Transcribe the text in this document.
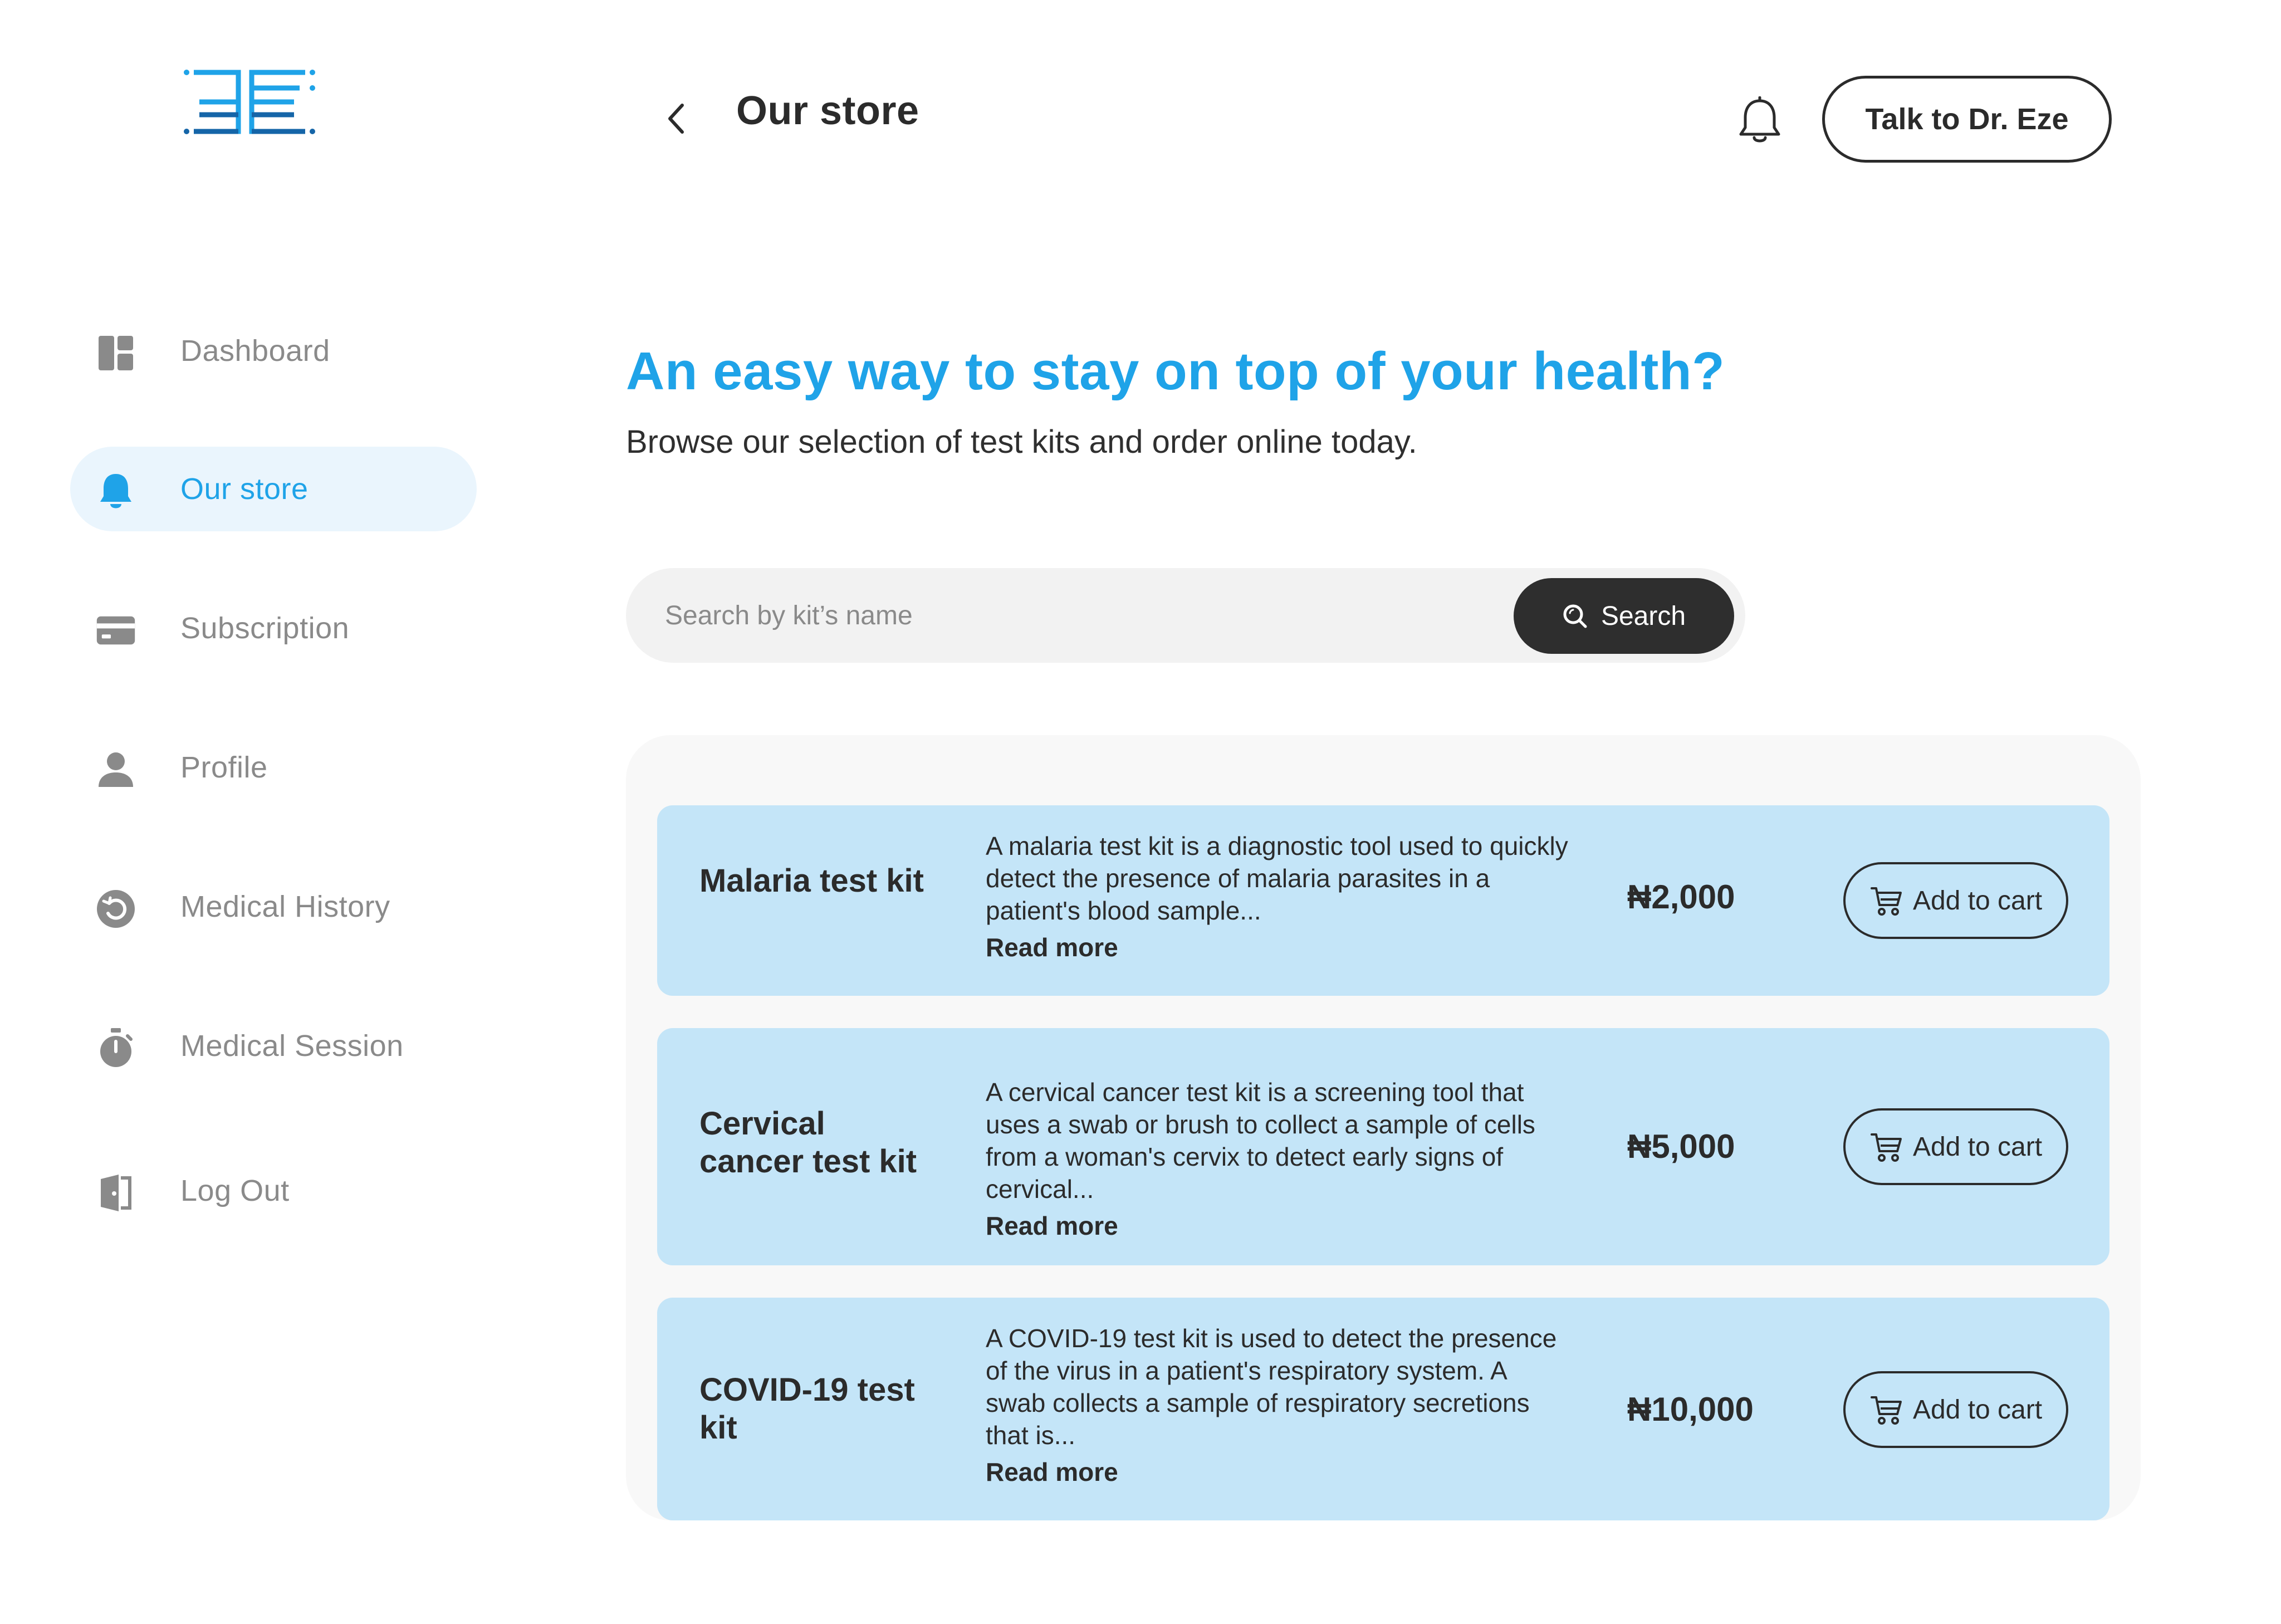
Our store	Talk to Dr. Eze
Dashboard
Our store
Subscription
Profile
Medical History
Medical Session
Log Out
An easy way to stay on top of your health?

Browse our selection of test kits and order online today.

Search by kit’s name
Search
Malaria test kit
A malaria test kit is a diagnostic tool used to quickly detect the presence of malaria parasites in a patient's blood sample...
Read more
₦2,000	Add to cart
Cervical cancer test kit
A cervical cancer test kit is a screening tool that uses a swab or brush to collect a sample of cells from a woman's cervix to detect early signs of cervical...
Read more
₦5,000	Add to cart
COVID-19 test kit
A COVID-19 test kit is used to detect the presence of the virus in a patient's respiratory system. A swab collects a sample of respiratory secretions that is...
Read more
₦10,000	Add to cart
